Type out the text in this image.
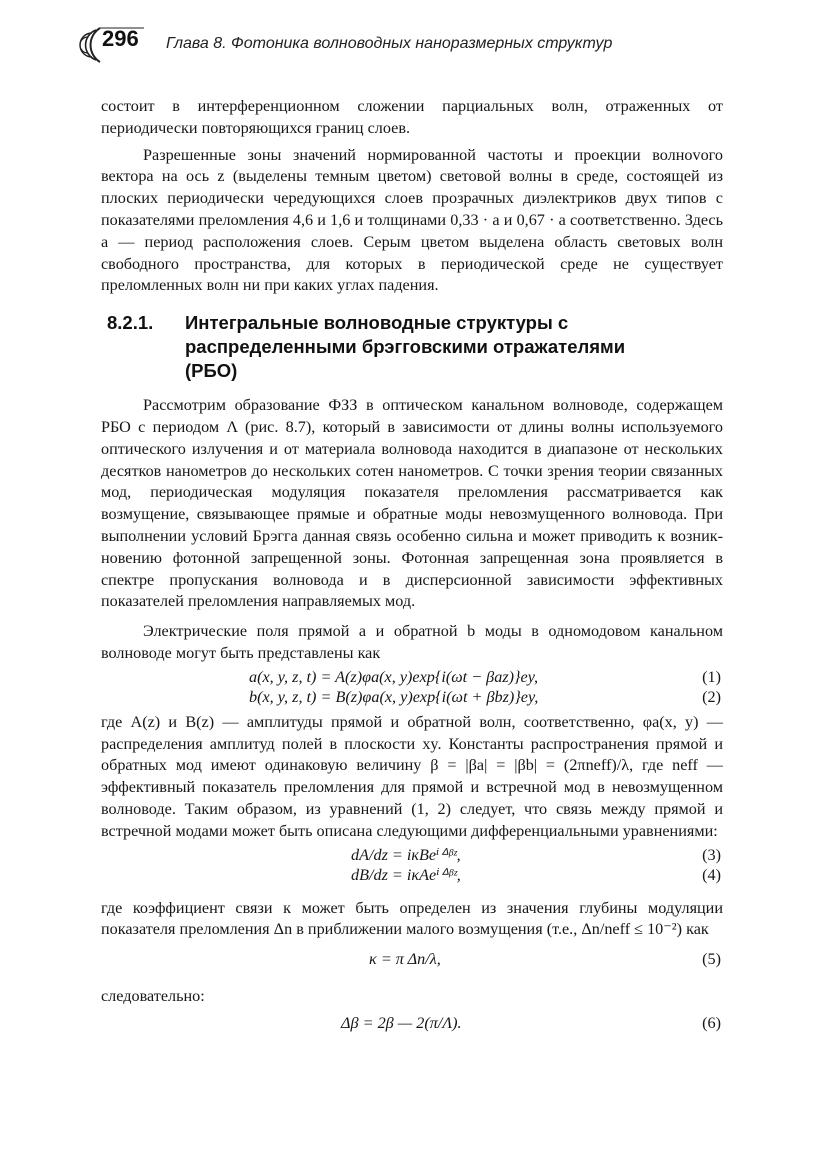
296 Глава 8. Фотоника волноводных наноразмерных структур

состоит в интерференционном сложении парциальных волн, отраженных от периодически повторяющихся границ слоев.

Разрешенные зоны значений нормированной частоты и проекции волноvого вектора на ось z (выделены темным цветом) световой волны в среде, состоящей из плоских периодически чередующихся слоев прозрачных диэлектриков двух типов с показателями преломления 4,6 и 1,6 и толщинами 0,33 · a и 0,67 · a соответственно. Здесь a — период расположения слоев. Серым цветом выделена область световых волн свободного пространства, для которых в периодической среде не существует преломленных волн ни при каких углах падения.

8.2.1.	Интегральные волноводные структуры с распределенными брэгговскими отражателями (РБО)

Рассмотрим образование ФЗЗ в оптическом канальном волноводе, содержащем РБО с периодом Λ (рис. 8.7), который в зависимости от длины волны используемого оптического излучения и от материала волновода находится в диапазоне от нескольких десятков нанометров до нескольких сотен нанометров. С точки зрения теории связанных мод, периодическая модуляция показателя преломления рассматривается как возмущение, связывающее прямые и обратные моды невозмущенного волновода. При выполнении условий Брэгга данная связь особенно сильна и может приводить к возникновению фотонной запрещенной зоны. Фотонная запрещенная зона проявляется в спектре пропускания волновода и в дисперсионной зависимости эффективных показателей преломления направляемых мод.

Электрические поля прямой a и обратной b моды в одномодовом канальном волноводе могут быть представлены как

a(x, y, z, t) = A(z)φa(x, y)exp{i(ωt − βaz)}ey,	(1)
b(x, y, z, t) = B(z)φa(x, y)exp{i(ωt + βbz)}ey,	(2)

где A(z) и B(z) — амплитуды прямой и обратной волн, соответственно, φa(x, y) — распределения амплитуд полей в плоскости xy. Константы распространения прямой и обратных мод имеют одинаковую величину β = |βa| = |βb| = (2πneff)/λ, где neff — эффективный показатель преломления для прямой и встречной мод в невозмущенном волноводе. Таким образом, из уравнений (1, 2) следует, что связь между прямой и встречной модами может быть описана следующими дифференциальными уравнениями:

dA/dz = ікВеⁱᐞᵝᶻ,	(3)
dB/dz = iκAeⁱᐞᵝᶻ,	(4)

где коэффициент связи к может быть определен из значения глубины модуляции показателя преломления Δn в приближении малого возмущения (т.е., Δn/neff ≤ 10⁻²) как

κ = π Δn/λ,	(5)

следовательно:

Δβ = 2β — 2(π/Λ).	(6)
